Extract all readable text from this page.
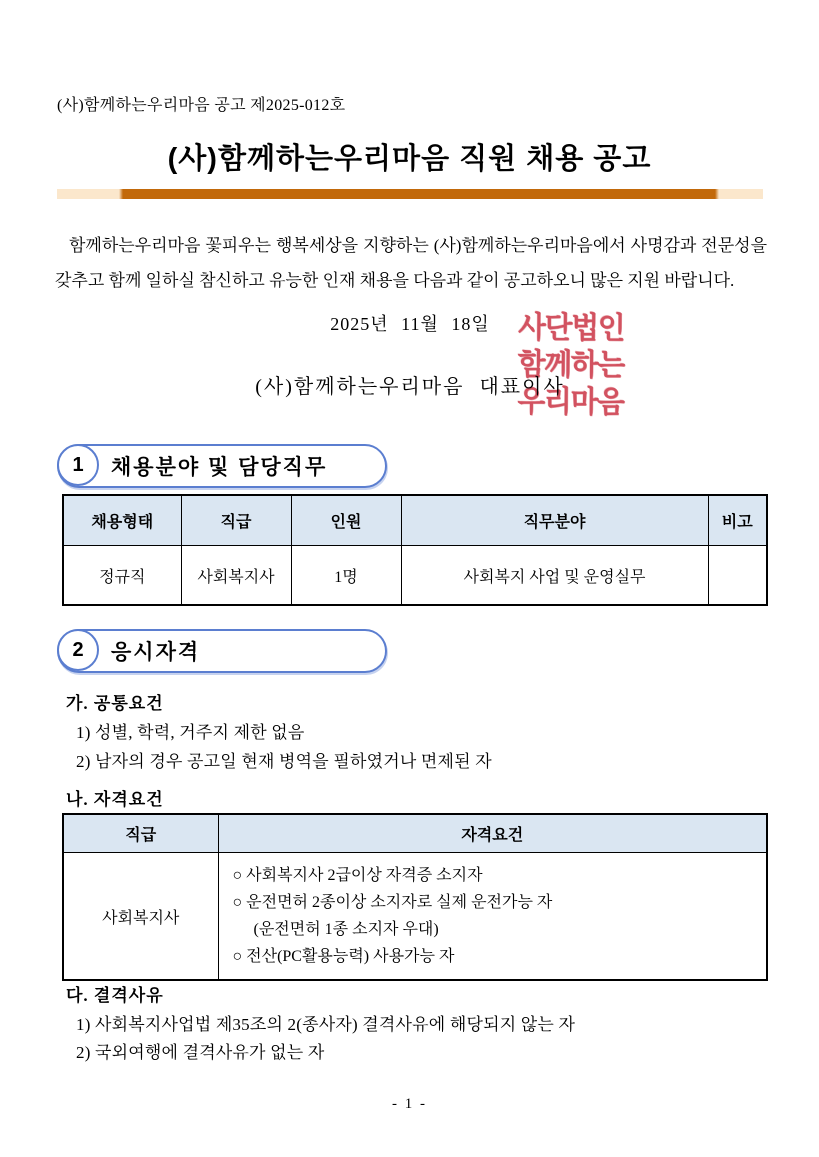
(사)함께하는우리마음 공고 제2025-012호
(사)함께하는우리마음 직원 채용 공고
함께하는우리마음 꽃피우는 행복세상을 지향하는 (사)함께하는우리마음에서 사명감과 전문성을 갖추고 함께 일하실 참신하고 유능한 인재 채용을 다음과 같이 공고하오니 많은 지원 바랍니다.
2025년 11월 18일
(사)함께하는우리마음 대표이사
사단법인
함께하는
우리마음
1	채용분야 및 담당직무
채용형태	직급	인원	직무분야	비고
정규직	사회복지사	1명	사회복지 사업 및 운영실무	
2	응시자격
가. 공통요건
1) 성별, 학력, 거주지 제한 없음
2) 남자의 경우 공고일 현재 병역을 필하였거나 면제된 자
나. 자격요건
직급	자격요건
사회복지사	○ 사회복지사 2급이상 자격증 소지자
○ 운전면허 2종이상 소지자로 실제 운전가능 자
(운전면허 1종 소지자 우대)
○ 전산(PC활용능력) 사용가능 자
다. 결격사유
1) 사회복지사업법 제35조의 2(종사자) 결격사유에 해당되지 않는 자
2) 국외여행에 결격사유가 없는 자
- 1 -
